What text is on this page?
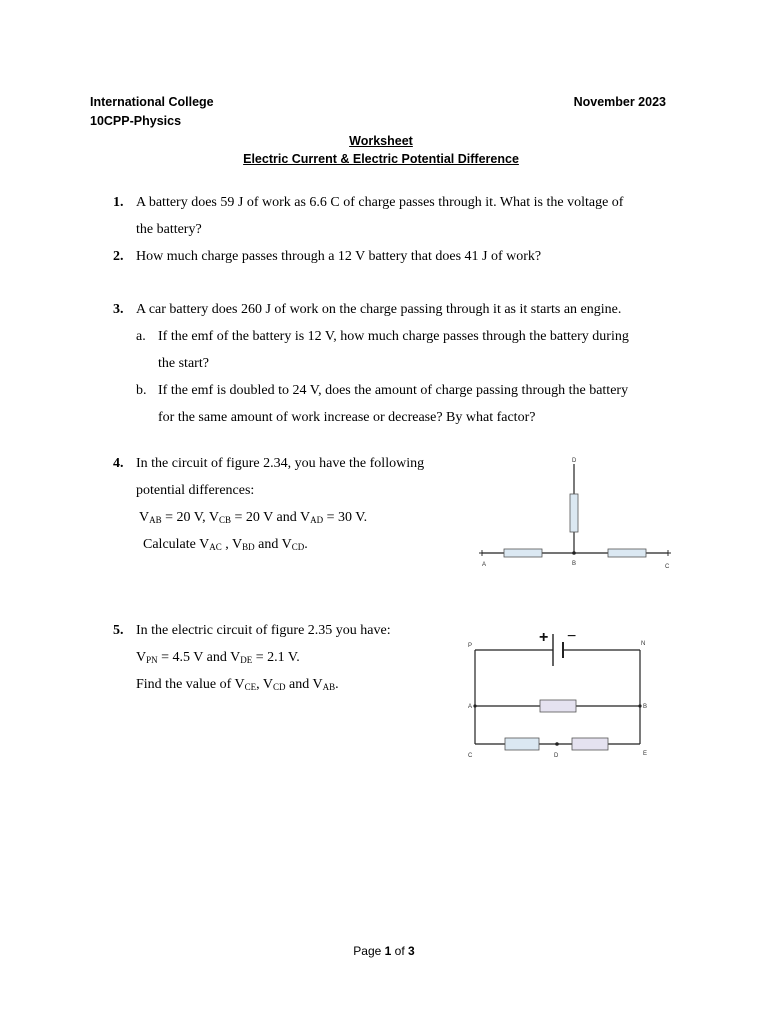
International College	November 2023
10CPP-Physics
Worksheet
Electric Current & Electric Potential Difference
1. A battery does 59 J of work as 6.6 C of charge passes through it. What is the voltage of
the battery?
2. How much charge passes through a 12 V battery that does 41 J of work?
3. A car battery does 260 J of work on the charge passing through it as it starts an engine.
a. If the emf of the battery is 12 V, how much charge passes through the battery during
the start?
b. If the emf is doubled to 24 V, does the amount of charge passing through the battery
for the same amount of work increase or decrease? By what factor?
4. In the circuit of figure 2.34, you have the following
potential differences:
$V_{AB} = 20$ V, $V_{CB} = 20$ V and $V_{AD} = 30$ V.
Calculate $V_{AC}$ , $V_{BD}$ and $V_{CD}$.
D
A	B	C
5. In the electric circuit of figure 2.35 you have:
$V_{PN} = 4.5$ V and $V_{DE} = 2.1$ V.
Find the value of $V_{CE}$, $V_{CD}$ and $V_{AB}$.
+ −
P	N
A	B
C	D	E
Page 1 of 3
